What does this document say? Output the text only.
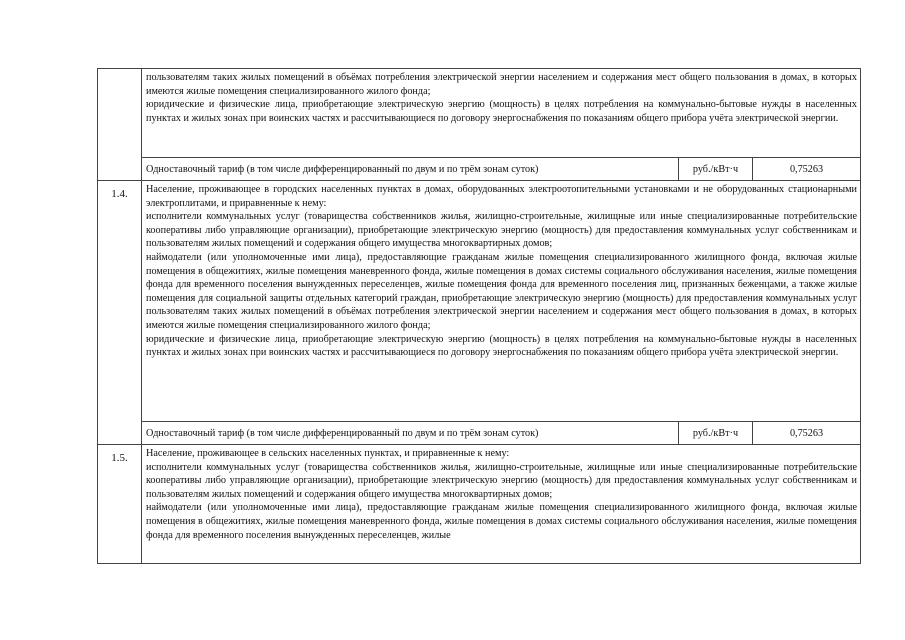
	пользователям таких жилых помещений в объёмах потребления электрической энергии населением и содержания мест общего пользования в домах, в которых имеются жилые помещения специализированного жилого фонда;

юридические и физические лица, приобретающие электрическую энергию (мощность) в целях потребления на коммунально-бытовые нужды в населенных пунктах и жилых зонах при воинских частях и рассчитывающиеся по договору энергоснабжения по показаниям общего прибора учёта электрической энергии.		

	Одноставочный тариф (в том числе дифференцированный по двум и по трём зонам суток)	руб./кВт·ч	0,75263
1.4.	Население, проживающее в городских населенных пунктах в домах, оборудованных электроотопительными установками и не оборудованных стационарными электроплитами, и приравненные к нему:

исполнители коммунальных услуг (товарищества собственников жилья, жилищно-строительные, жилищные или иные специализированные потребительские кооперативы либо управляющие организации), приобретающие электрическую энергию (мощность) для предоставления коммунальных услуг собственникам и пользователям жилых помещений и содержания общего имущества многоквартирных домов;

наймодатели (или уполномоченные ими лица), предоставляющие гражданам жилые помещения специализированного жилищного фонда, включая жилые помещения в общежитиях, жилые помещения маневренного фонда, жилые помещения в домах системы социального обслуживания населения, жилые помещения фонда для временного поселения вынужденных переселенцев, жилые помещения фонда для временного поселения лиц, признанных беженцами, а также жилые помещения для социальной защиты отдельных категорий граждан, приобретающие электрическую энергию (мощность) для предоставления коммунальных услуг пользователям таких жилых помещений в объёмах потребления электрической энергии населением и содержания мест общего пользования в домах, в которых имеются жилые помещения специализированного жилого фонда;

юридические и физические лица, приобретающие электрическую энергию (мощность) в целях потребления на коммунально-бытовые нужды в населенных пунктах и жилых зонах при воинских частях и рассчитывающиеся по договору энергоснабжения по показаниям общего прибора учёта электрической энергии.		

	Одноставочный тариф (в том числе дифференцированный по двум и по трём зонам суток)	руб./кВт·ч	0,75263
1.5.	Население, проживающее в сельских населенных пунктах, и приравненные к нему:

исполнители коммунальных услуг (товарищества собственников жилья, жилищно-строительные, жилищные или иные специализированные потребительские кооперативы либо управляющие организации), приобретающие электрическую энергию (мощность) для предоставления коммунальных услуг собственникам и пользователям жилых помещений и содержания общего имущества многоквартирных домов;

наймодатели (или уполномоченные ими лица), предоставляющие гражданам жилые помещения специализированного жилищного фонда, включая жилые помещения в общежитиях, жилые помещения маневренного фонда, жилые помещения в домах системы социального обслуживания населения, жилые помещения фонда для временного поселения вынужденных переселенцев, жилые		
